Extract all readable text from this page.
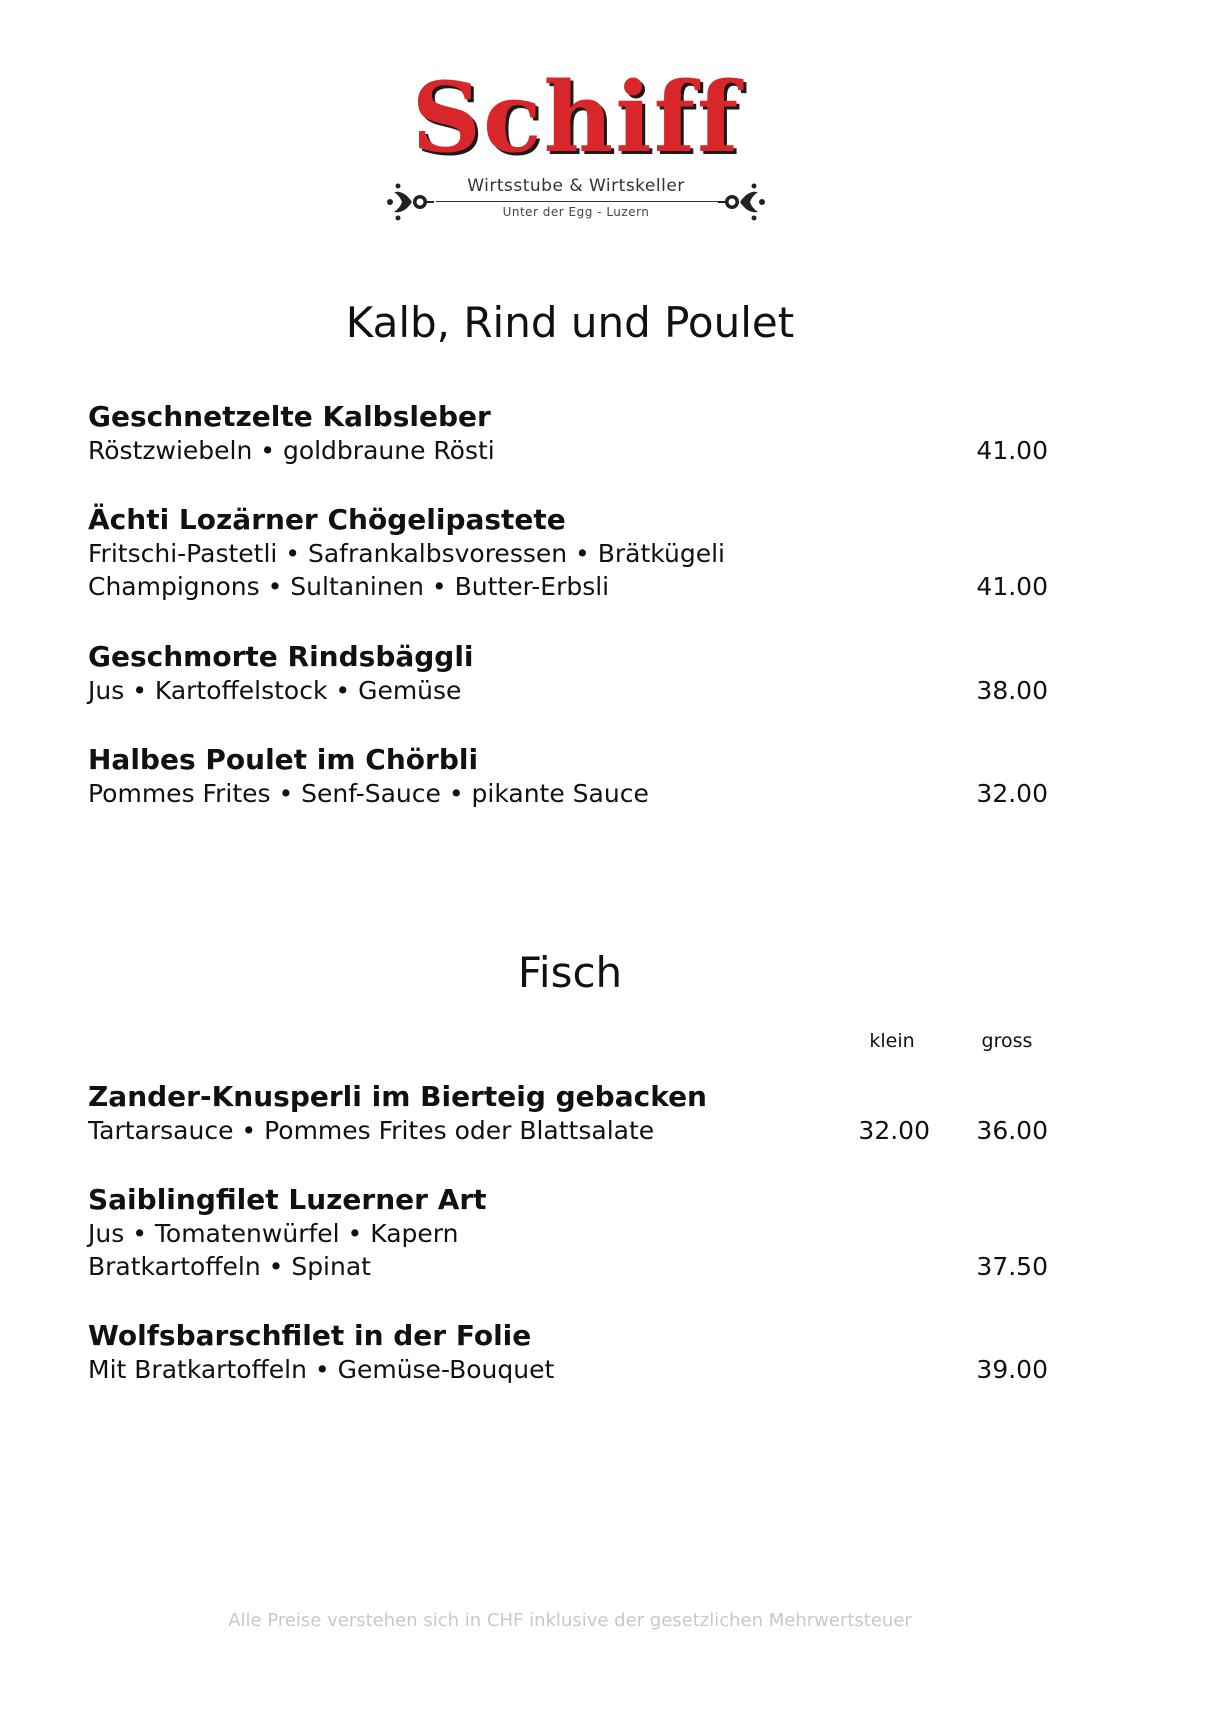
Schiff
Wirtsstube & Wirtskeller
Unter der Egg - Luzern
Kalb, Rind und Poulet
Geschnetzelte Kalbsleber
Röstzwiebeln • goldbraune Rösti	41.00
Ächti Lozärner Chögelipastete
Fritschi-Pastetli • Safrankalbsvoressen • Brätkügeli
Champignons • Sultaninen • Butter-Erbsli	41.00
Geschmorte Rindsbäggli
Jus • Kartoffelstock • Gemüse	38.00
Halbes Poulet im Chörbli
Pommes Frites • Senf-Sauce • pikante Sauce	32.00
Fisch
klein	gross
Zander-Knusperli im Bierteig gebacken
Tartarsauce • Pommes Frites oder Blattsalate	32.00	36.00
Saiblingfilet Luzerner Art
Jus • Tomatenwürfel • Kapern
Bratkartoffeln • Spinat	37.50
Wolfsbarschfilet in der Folie
Mit Bratkartoffeln • Gemüse-Bouquet	39.00
Alle Preise verstehen sich in CHF inklusive der gesetzlichen Mehrwertsteuer
